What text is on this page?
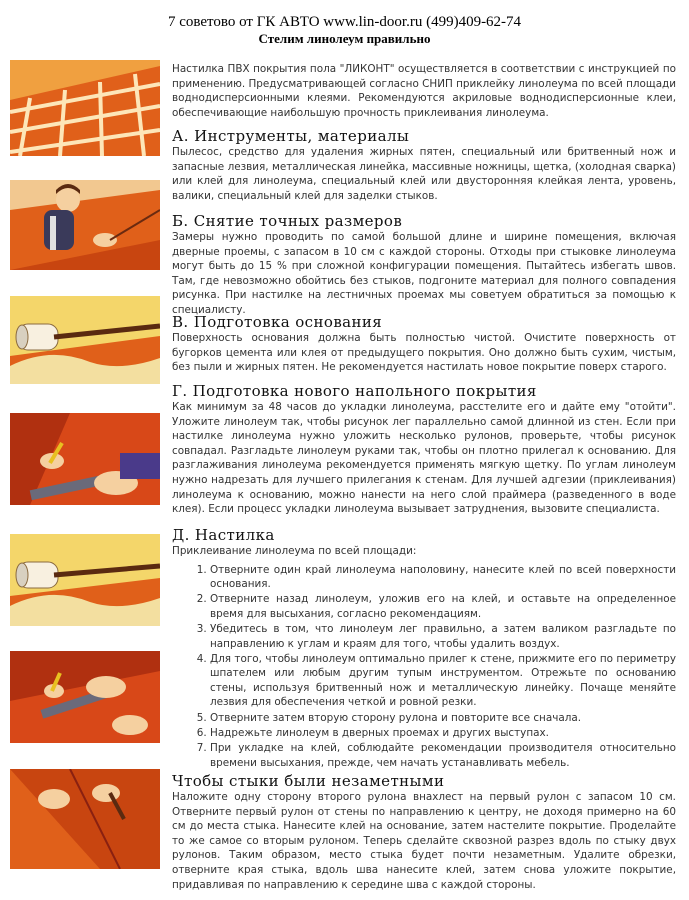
7 советово от ГК АВТО www.lin-door.ru (499)409-62-74
Стелим линолеум правильно

Настилка ПВХ покрытия пола "ЛИКОНТ" осуществляется в соответствии с инструкцией по применению. Предусматривающей согласно СНИП приклейку линолеума по всей площади воднодисперсионными клеями. Рекомендуются акриловые воднодисперсионные клеи, обеспечивающие наибольшую прочность приклеивания линолеума.

А. Инструменты, материалы

Пылесос, средство для удаления жирных пятен, специальный или бритвенный нож и запасные лезвия, металлическая линейка, массивные ножницы, щетка, (холодная сварка) или клей для линолеума, специальный клей или двусторонняя клейкая лента, уровень, валики, специальный клей для заделки стыков.

Б. Снятие точных размеров

Замеры нужно проводить по самой большой длине и ширине помещения, включая дверные проемы, с запасом в 10 см с каждой стороны. Отходы при стыковке линолеума могут быть до 15 % при сложной конфигурации помещения. Пытайтесь избегать швов. Там, где невозможно обойтись без стыков, подгоните материал для полного совпадения рисунка. При настилке на лестничных проемах мы советуем обратиться за помощью к специалисту.

В. Подготовка основания

Поверхность основания должна быть полностью чистой. Очистите поверхность от бугорков цемента или клея от предыдущего покрытия. Оно должно быть сухим, чистым, без пыли и жирных пятен. Не рекомендуется настилать новое покрытие поверх старого.

Г. Подготовка нового напольного покрытия

Как минимум за 48 часов до укладки линолеума, расстелите его и дайте ему "отойти". Уложите линолеум так, чтобы рисунок лег параллельно самой длинной из стен. Если при настилке линолеума нужно уложить несколько рулонов, проверьте, чтобы рисунок совпадал. Разгладьте линолеум руками так, чтобы он плотно прилегал к основанию. Для разглаживания линолеума рекомендуется применять мягкую щетку. По углам линолеум нужно надрезать для лучшего прилегания к стенам. Для лучшей адгезии (приклеивания) линолеума к основанию, можно нанести на него слой праймера (разведенного в воде клея). Если процесс укладки линолеума вызывает затруднения, вызовите специалиста.

Д. Настилка

Приклеивание линолеума по всей площади:

1. Отверните один край линолеума наполовину, нанесите клей по всей поверхности основания.
2. Отверните назад линолеум, уложив его на клей, и оставьте на определенное время для высыхания, согласно рекомендациям.
3. Убедитесь в том, что линолеум лег правильно, а затем валиком разгладьте по направлению к углам и краям для того, чтобы удалить воздух.
4. Для того, чтобы линолеум оптимально прилег к стене, прижмите его по периметру шпателем или любым другим тупым инструментом. Отрежьте по основанию стены, используя бритвенный нож и металлическую линейку. Почаще меняйте лезвия для обеспечения четкой и ровной резки.
5. Отверните затем вторую сторону рулона и повторите все сначала.
6. Надрежьте линолеум в дверных проемах и других выступах.
7. При укладке на клей, соблюдайте рекомендации производителя относительно времени высыхания, прежде, чем начать устанавливать мебель.
Чтобы стыки были незаметными

Наложите одну сторону второго рулона внахлест на первый рулон с запасом 10 см. Отверните первый рулон от стены по направлению к центру, не доходя примерно на 60 см до места стыка. Нанесите клей на основание, затем настелите покрытие. Проделайте то же самое со вторым рулоном. Теперь сделайте сквозной разрез вдоль по стыку двух рулонов. Таким образом, место стыка будет почти незаметным. Удалите обрезки, отверните края стыка, вдоль шва нанесите клей, затем снова уложите покрытие, придавливая по направлению к середине шва с каждой стороны.
